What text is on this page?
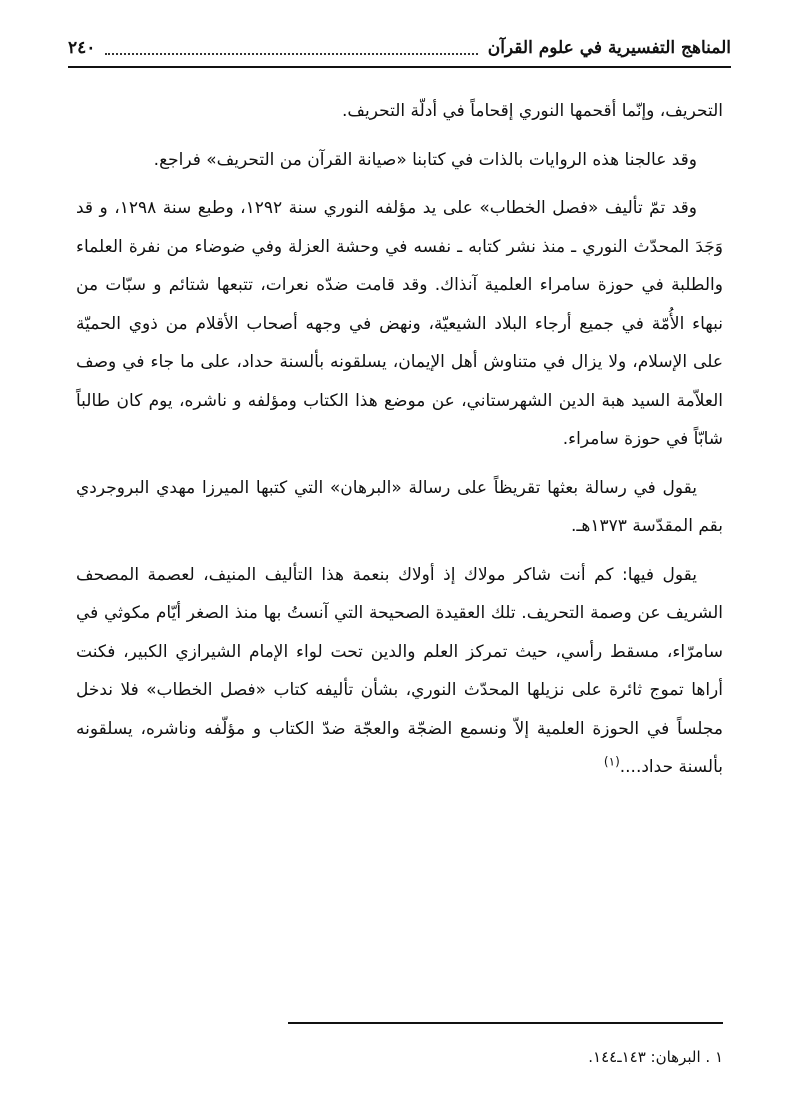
المناهج التفسيرية في علوم القرآن
٢٤٠

التحريف، وإنّما أقحمها النوري إقحاماً في أدلّة التحريف.

وقد عالجنا هذه الروايات بالذات في كتابنا «صيانة القرآن من التحريف» فراجع.

وقد تمّ تأليف «فصل الخطاب» على يد مؤلفه النوري سنة ١٢٩٢، وطبع سنة ١٢٩٨، و قد وَجَدَ المحدّث النوري ـ منذ نشر كتابه ـ نفسه في وحشة العزلة وفي ضوضاء من نفرة العلماء والطلبة في حوزة سامراء العلمية آنذاك. وقد قامت ضدّه نعرات، تتبعها شتائم و سبّات من نبهاء الأُمّة في جميع أرجاء البلاد الشيعيّة، ونهض في وجهه أصحاب الأقلام من ذوي الحميّة على الإسلام، ولا يزال في متناوش أهل الإيمان، يسلقونه بألسنة حداد، على ما جاء في وصف العلاّمة السيد هبة الدين الشهرستاني، عن موضع هذا الكتاب ومؤلفه و ناشره، يوم كان طالباً شابّاً في حوزة سامراء.

يقول في رسالة بعثها تقريظاً على رسالة «البرهان» التي كتبها الميرزا مهدي البروجردي بقم المقدّسة ١٣٧٣هـ.

يقول فيها: كم أنت شاكر مولاك إذ أولاك بنعمة هذا التأليف المنيف، لعصمة المصحف الشريف عن وصمة التحريف. تلك العقيدة الصحيحة التي آنستُ بها منذ الصغر أيّام مكوثي في سامرّاء، مسقط رأسي، حيث تمركز العلم والدين تحت لواء الإمام الشيرازي الكبير، فكنت أراها تموج ثائرة على نزيلها المحدّث النوري، بشأن تأليفه كتاب «فصل الخطاب» فلا ندخل مجلساً في الحوزة العلمية إلاّ ونسمع الضجّة والعجّة ضدّ الكتاب و مؤلّفه وناشره، يسلقونه بألسنة حداد....$^{(١)}$

١ . البرهان: ١٤٣ـ١٤٤.
